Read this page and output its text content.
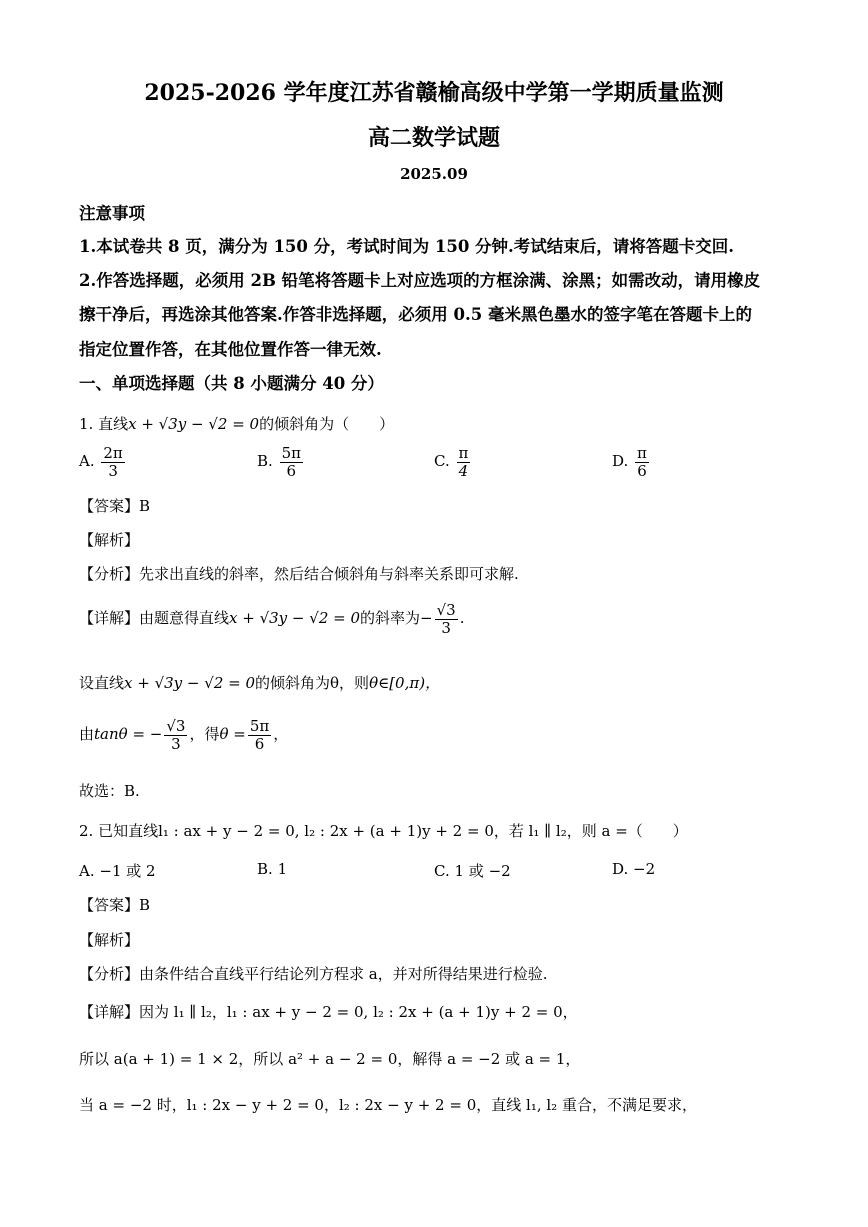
2025-2026 学年度江苏省赣榆高级中学第一学期质量监测
高二数学试题
2025.09
注意事项
1.本试卷共 8 页，满分为 150 分，考试时间为 150 分钟.考试结束后，请将答题卡交回.
2.作答选择题，必须用 2B 铅笔将答题卡上对应选项的方框涂满、涂黑；如需改动，请用橡皮
擦干净后，再选涂其他答案.作答非选择题，必须用 0.5 毫米黑色墨水的签字笔在答题卡上的
指定位置作答，在其他位置作答一律无效.
一、单项选择题（共 8 小题满分 40 分）
1. 直线x + √3y − √2 = 0的倾斜角为（　　）
A. $\frac{2\pi}{3}$	B. $\frac{5\pi}{6}$	C. $\frac{\pi}{4}$	D. $\frac{\pi}{6}$
【答案】B
【解析】
【分析】先求出直线的斜率，然后结合倾斜角与斜率关系即可求解.
【详解】由题意得直线x + √3y − √2 = 0的斜率为− $\frac{√3}{3}$ .
设直线x + √3y − √2 = 0的倾斜角为θ，则θ∈[0,π)，
由tanθ = − $\frac{√3}{3}$ ，得$\theta = \frac{5\pi}{6}$ ，
故选：B.
2. 已知直线l₁ : ax + y − 2 = 0, l₂ : 2x + (a + 1)y + 2 = 0，若 l₁ ∥ l₂，则 a =（　　）
A. −1 或 2	B. 1	C. 1 或 −2	D. −2
【答案】B
【解析】
【分析】由条件结合直线平行结论列方程求 a，并对所得结果进行检验.
【详解】因为 l₁ ∥ l₂，l₁ : ax + y − 2 = 0, l₂ : 2x + (a + 1)y + 2 = 0，
所以 a(a + 1) = 1 × 2，所以 a² + a − 2 = 0，解得 a = −2 或 a = 1，
当 a = −2 时，l₁ : 2x − y + 2 = 0，l₂ : 2x − y + 2 = 0，直线 l₁, l₂ 重合，不满足要求，
